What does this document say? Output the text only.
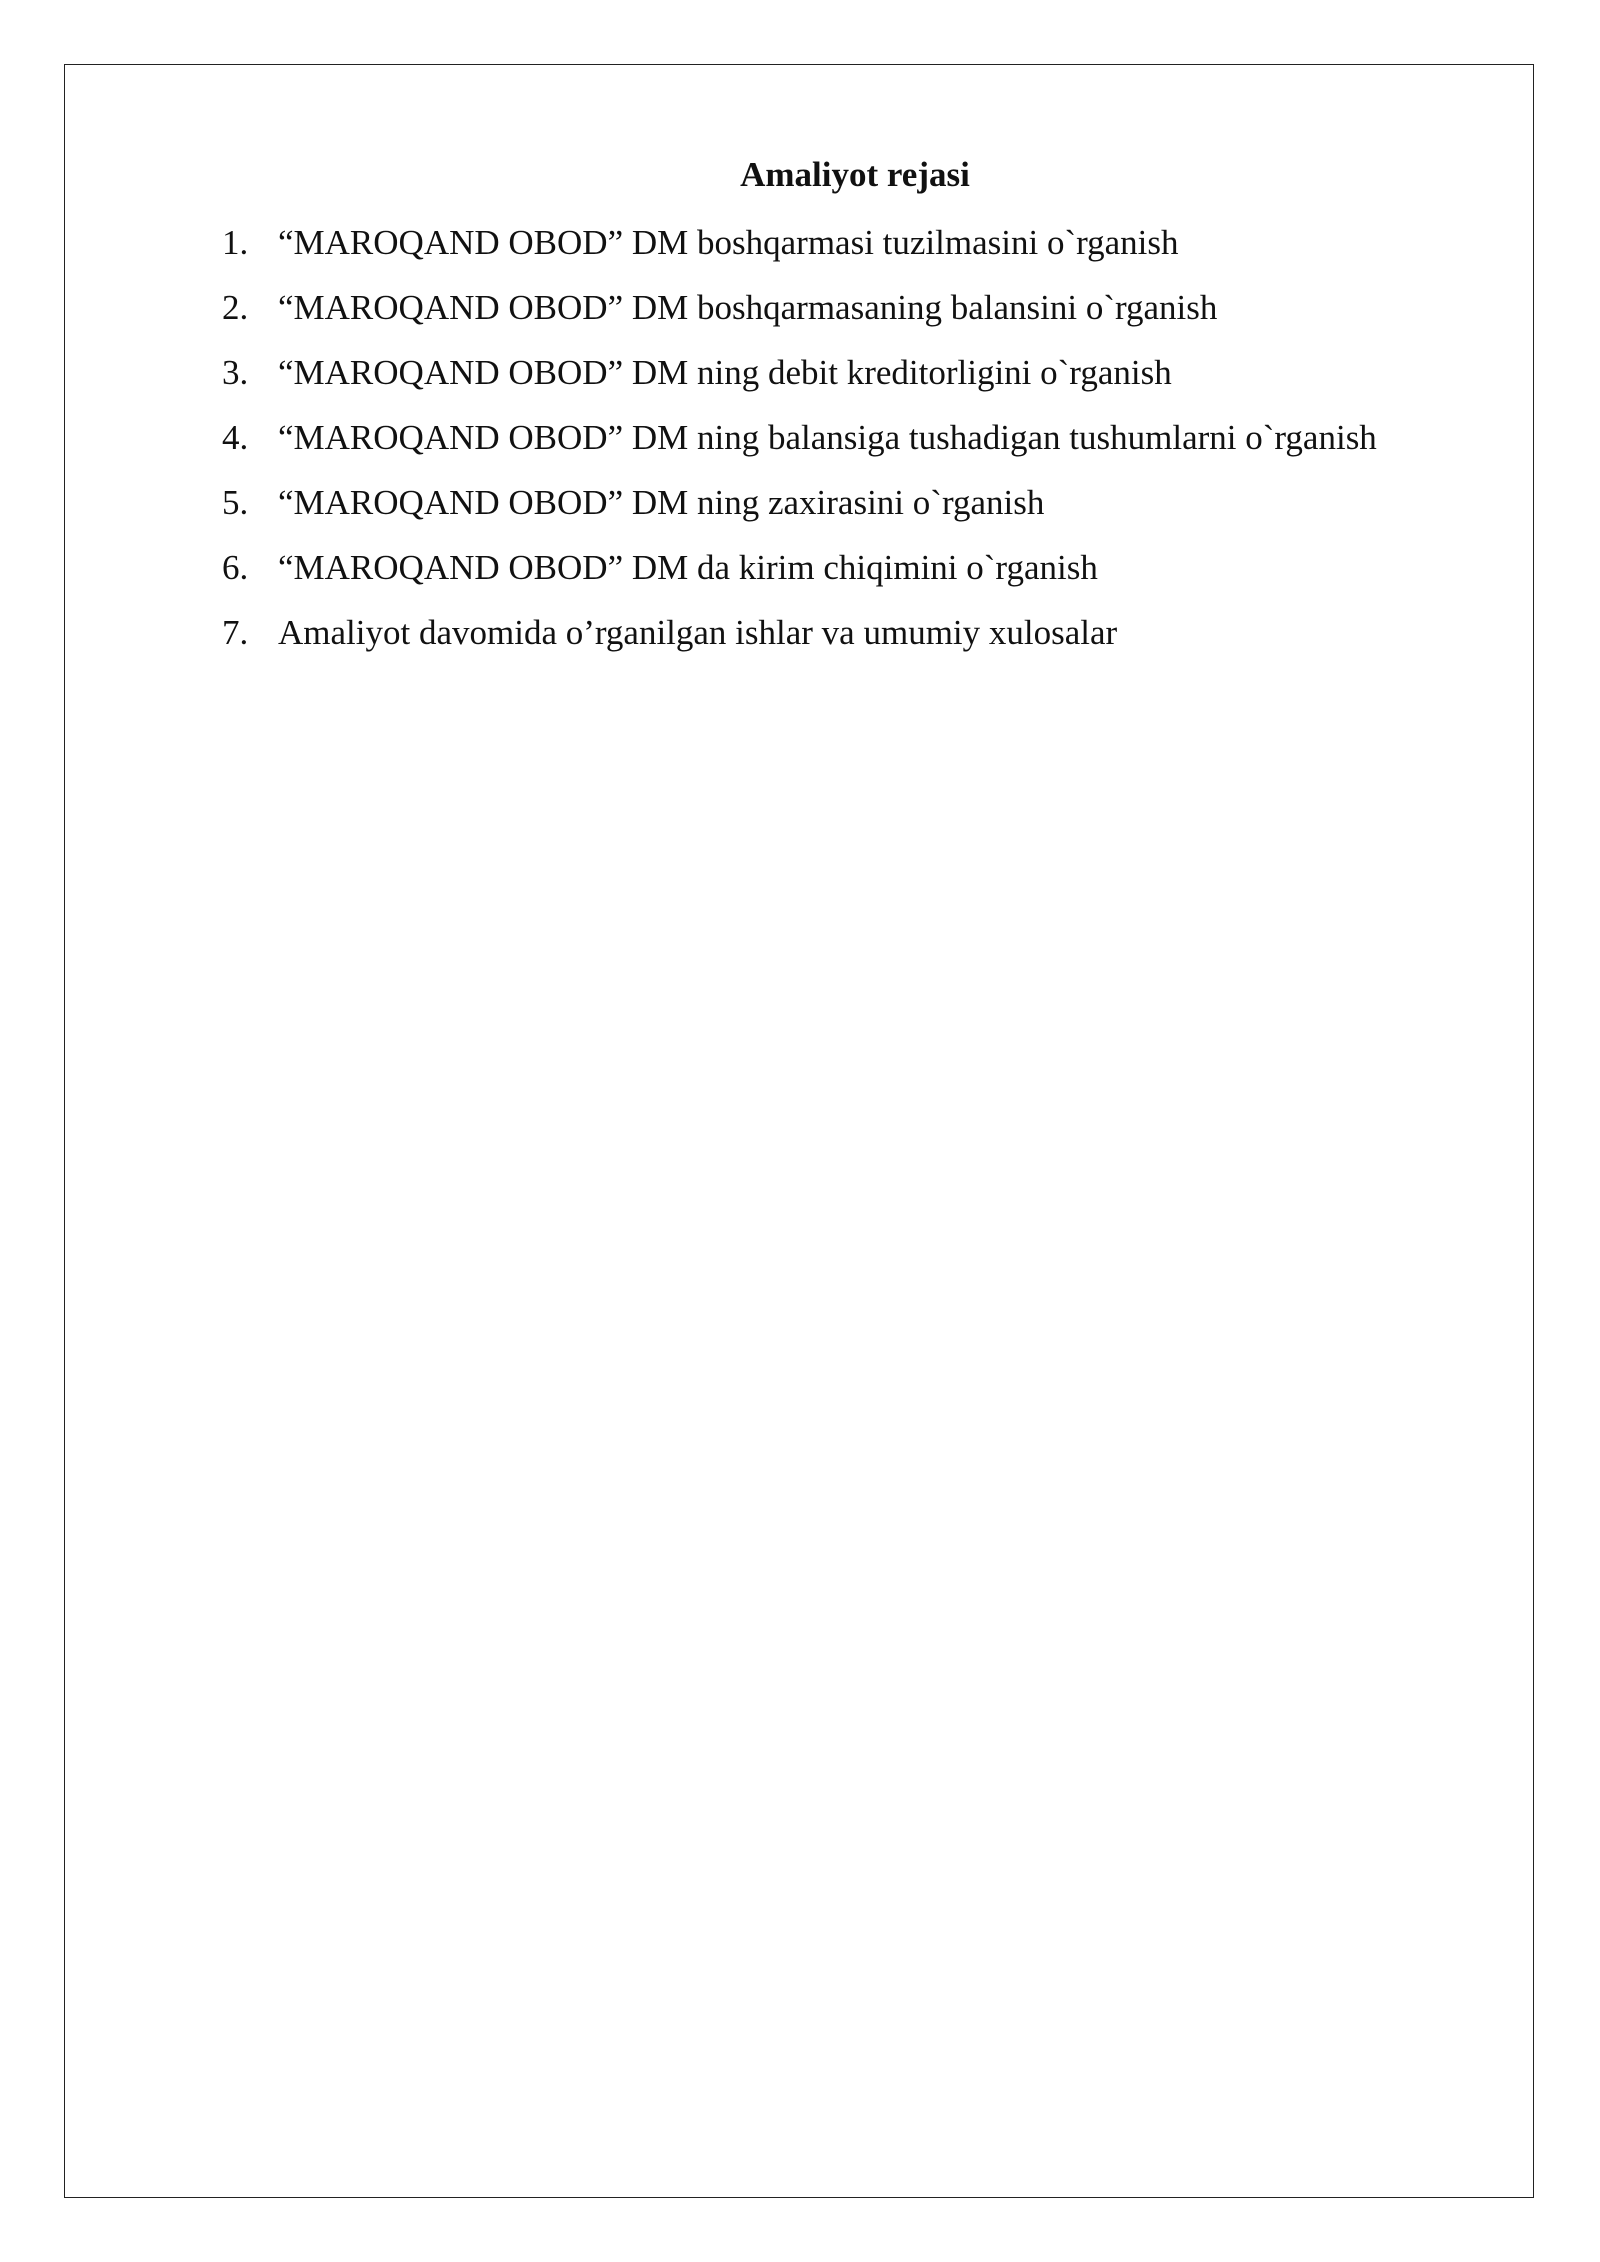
Amaliyot rejasi
1. “MAROQAND OBOD” DM boshqarmasi tuzilmasini o`rganish
2. “MAROQAND OBOD” DM boshqarmasaning balansini o`rganish
3. “MAROQAND OBOD” DM ning debit kreditorligini o`rganish
4. “MAROQAND OBOD” DM ning balansiga tushadigan tushumlarni o`rganish
5. “MAROQAND OBOD” DM ning zaxirasini o`rganish
6. “MAROQAND OBOD” DM da kirim chiqimini o`rganish
7. Amaliyot davomida o’rganilgan ishlar va umumiy xulosalar
